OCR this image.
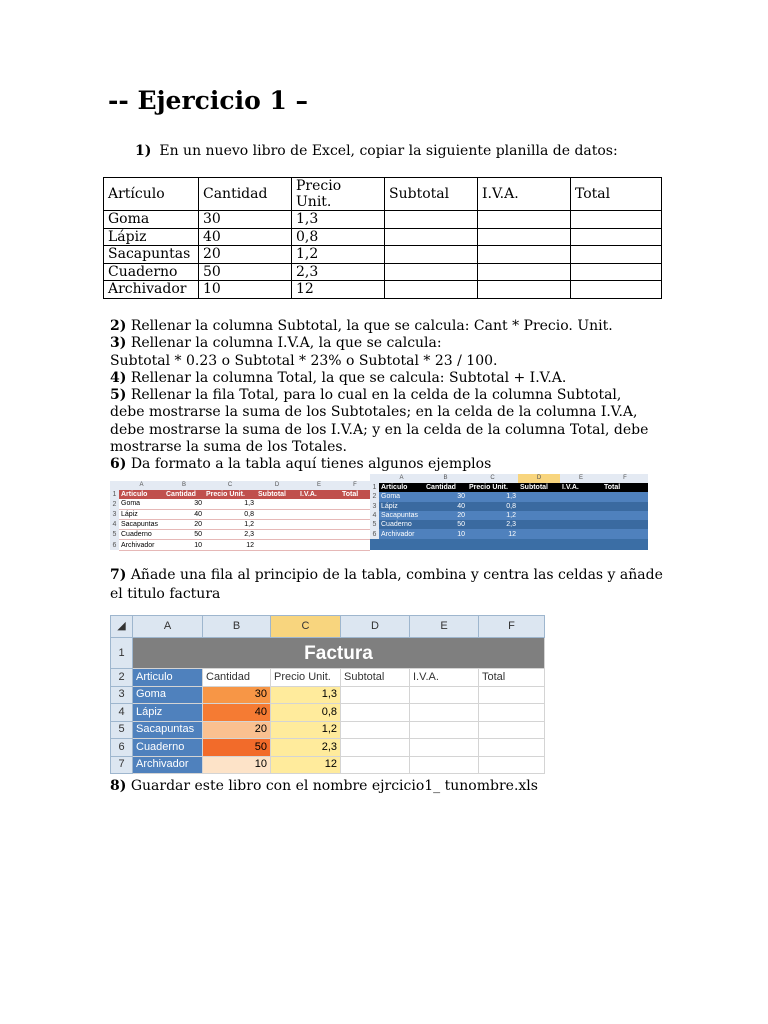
-- Ejercicio 1 –
1) En un nuevo libro de Excel, copiar la siguiente planilla de datos:
Artículo	Cantidad	Precio Unit.	Subtotal	I.V.A.	Total
Goma	30	1,3			
Lápiz	40	0,8			
Sacapuntas	20	1,2			
Cuaderno	50	2,3			
Archivador	10	12			

2) Rellenar la columna Subtotal, la que se calcula: Cant * Precio. Unit.

3) Rellenar la columna I.V.A, la que se calcula:

Subtotal * 0.23 o Subtotal * 23% o Subtotal * 23 / 100.

4) Rellenar la columna Total, la que se calcula: Subtotal + I.V.A.

5) Rellenar la fila Total, para lo cual en la celda de la columna Subtotal, debe mostrarse la suma de los Subtotales; en la celda de la columna I.V.A, debe mostrarse la suma de los I.V.A; y en la celda de la columna Total, debe mostrarse la suma de los Totales.

6) Da formato a la tabla aquí tienes algunos ejemplos

	A	B	C	D	E	F
1	Articulo	Cantidad	Precio Unit.	Subtotal	I.V.A.	Total
2	Goma	30	1,3			
3	Lápiz	40	0,8			
4	Sacapuntas	20	1,2			
5	Cuaderno	50	2,3			
6	Archivador	10	12			
	A	B	C	D	E	F
1	Articulo	Cantidad	Precio Unit.	Subtotal	I.V.A.	Total
2	Goma	30	1,3			
3	Lápiz	40	0,8			
4	Sacapuntas	20	1,2			
5	Cuaderno	50	2,3			
6	Archivador	10	12			
7) Añade una fila al principio de la tabla, combina y centra las celdas y añade el titulo factura
◢	A	B	C	D	E	F
1	Factura					
2	Articulo	Cantidad	Precio Unit.	Subtotal	I.V.A.	Total
3	Goma	30	1,3			
4	Lápiz	40	0,8			
5	Sacapuntas	20	1,2			
6	Cuaderno	50	2,3			
7	Archivador	10	12			
8) Guardar este libro con el nombre ejrcicio1_ tunombre.xls
